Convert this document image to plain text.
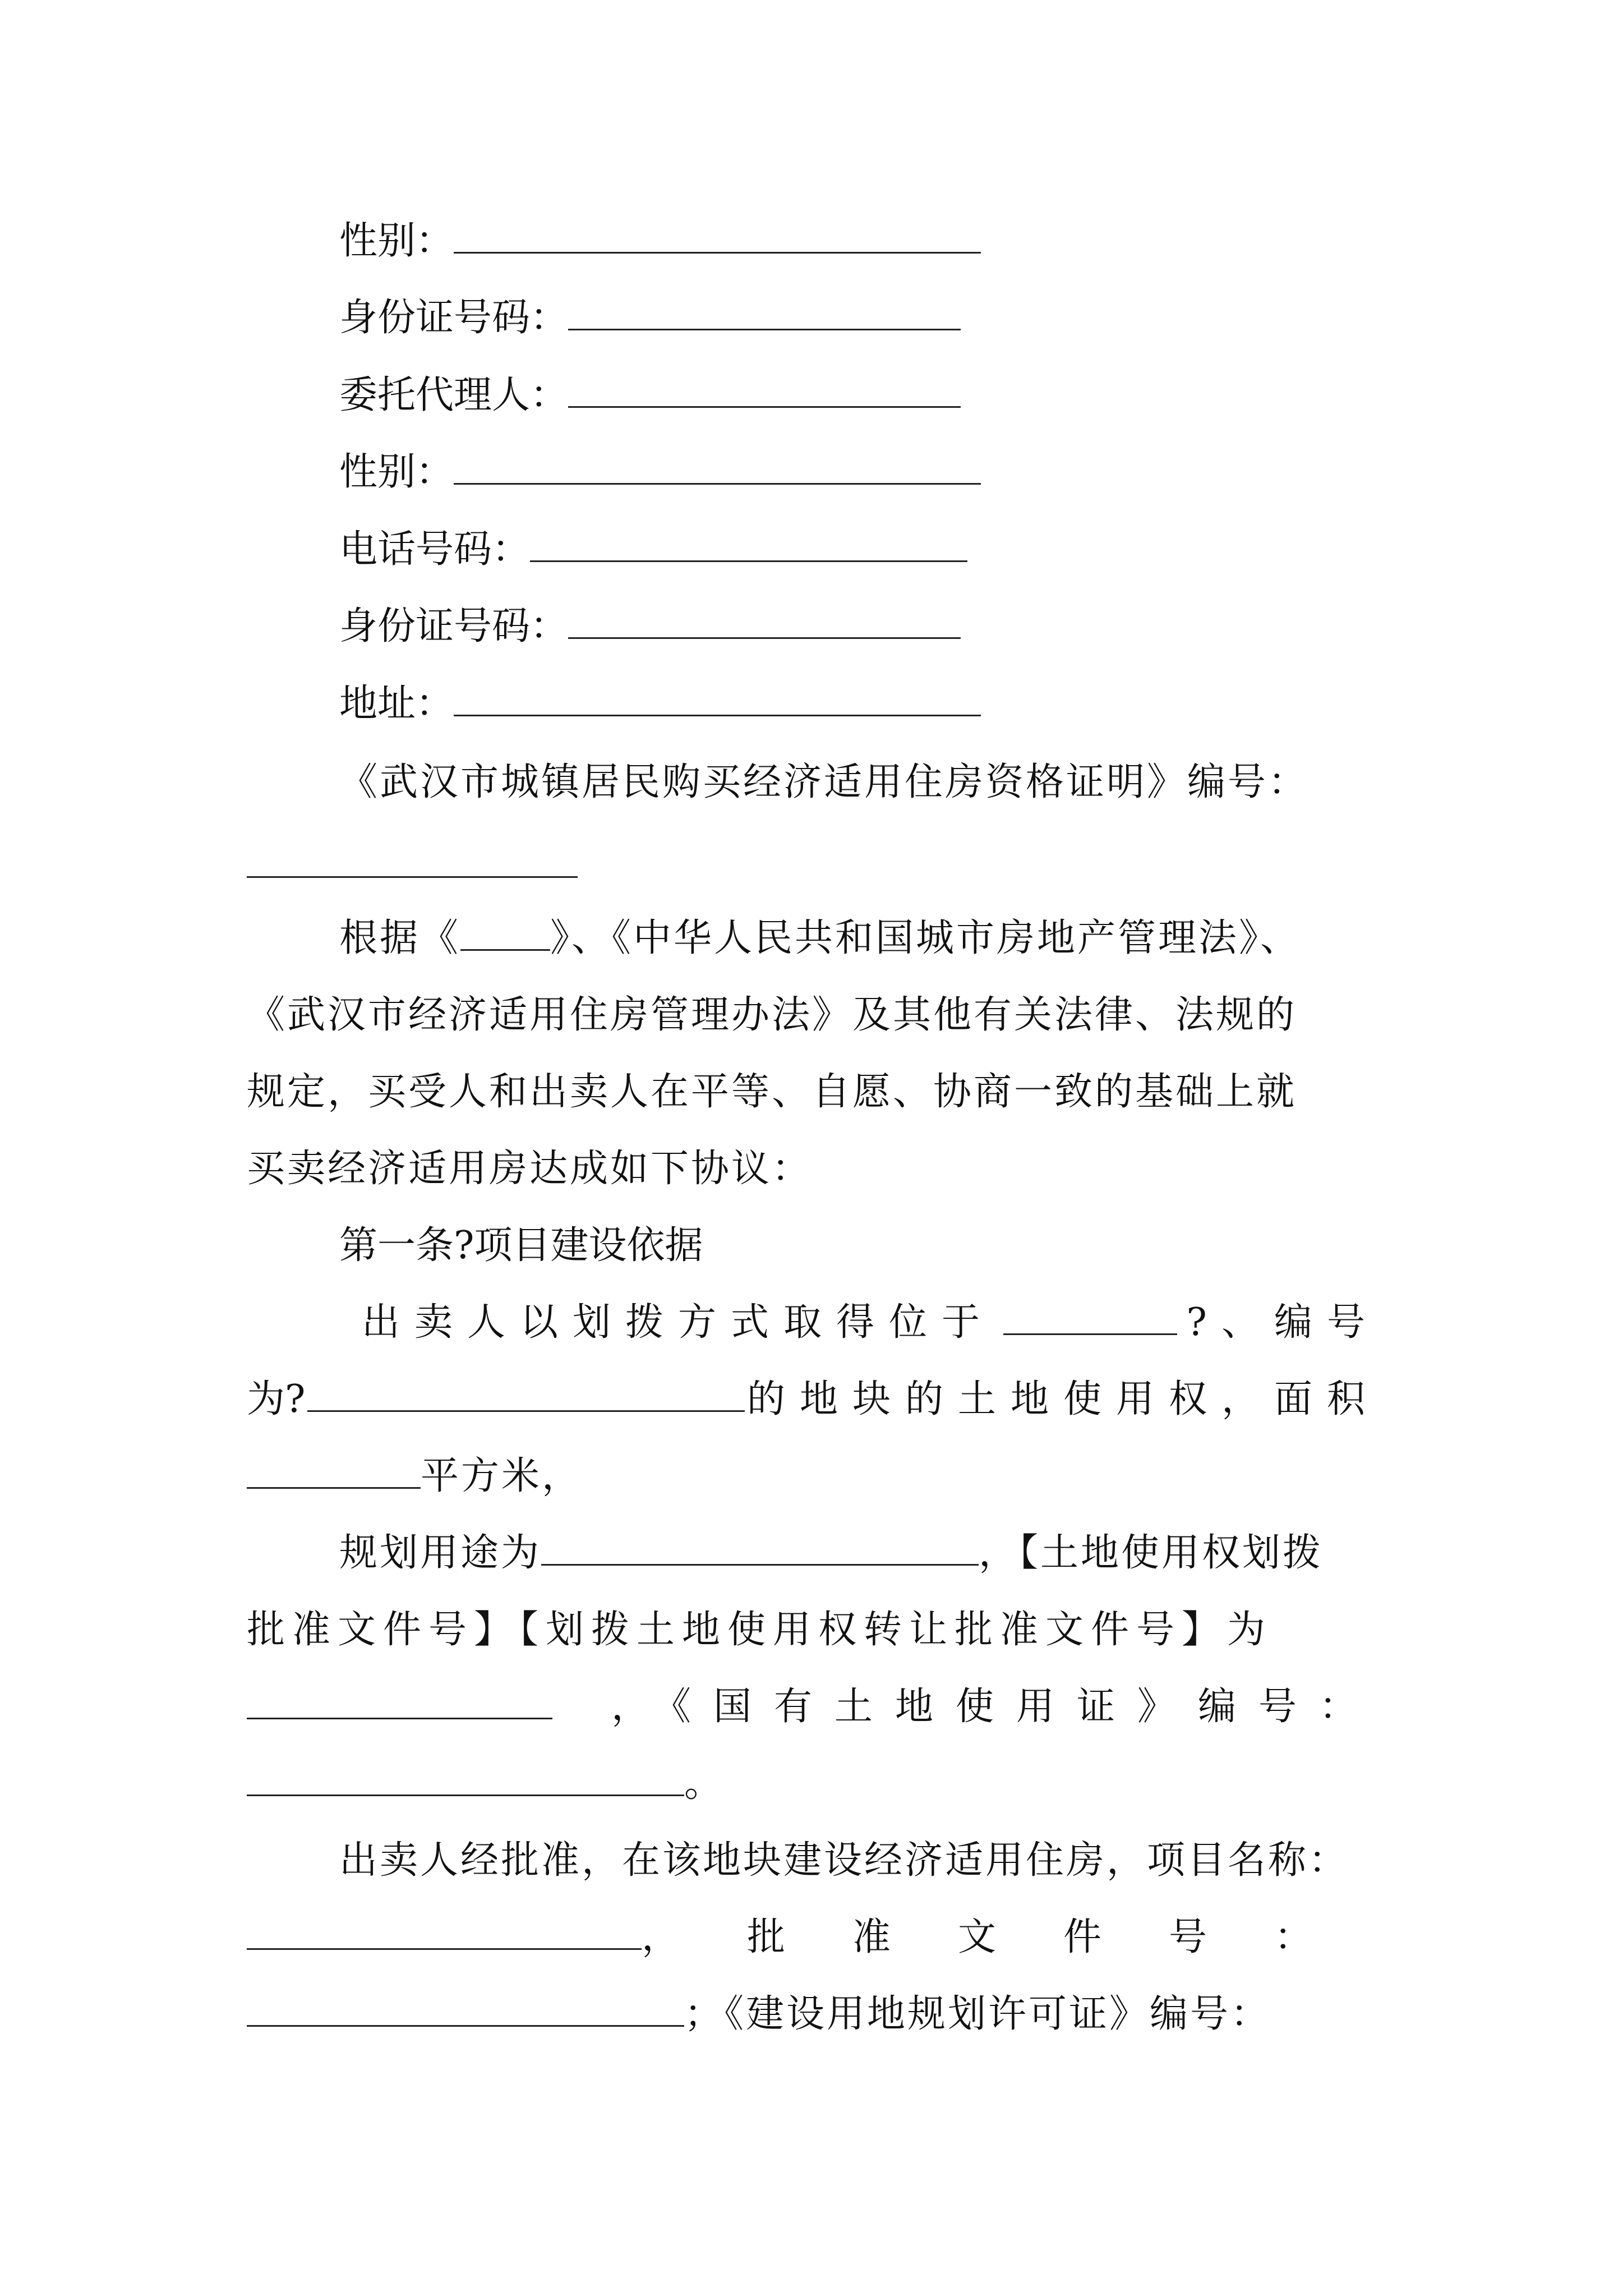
性别：
身份证号码：
委托代理人：
性别：
电话号码：
身份证号码：
地址：
《武汉市城镇居民购买经济适用住房资格证明》编号：
根据《 》、《中华人民共和国城市房地产管理法》、
《武汉市经济适用住房管理办法》及其他有关法律、法规的
规定，买受人和出卖人在平等、自愿、协商一致的基础上就
买卖经济适用房达成如下协议：
第一条?项目建设依据
出卖人以划拨方式取得位于	?、编号
为?	的地块的土地使用权，面积
平方米，
规划用途为	，【土地使用权划拨
批准文件号】【划拨土地使用权转让批准文件号】为
，《国有土地使用证》编号：
。
出卖人经批准，在该地块建设经济适用住房，项目名称：
，批准文件号：
；《建设用地规划许可证》编号：
